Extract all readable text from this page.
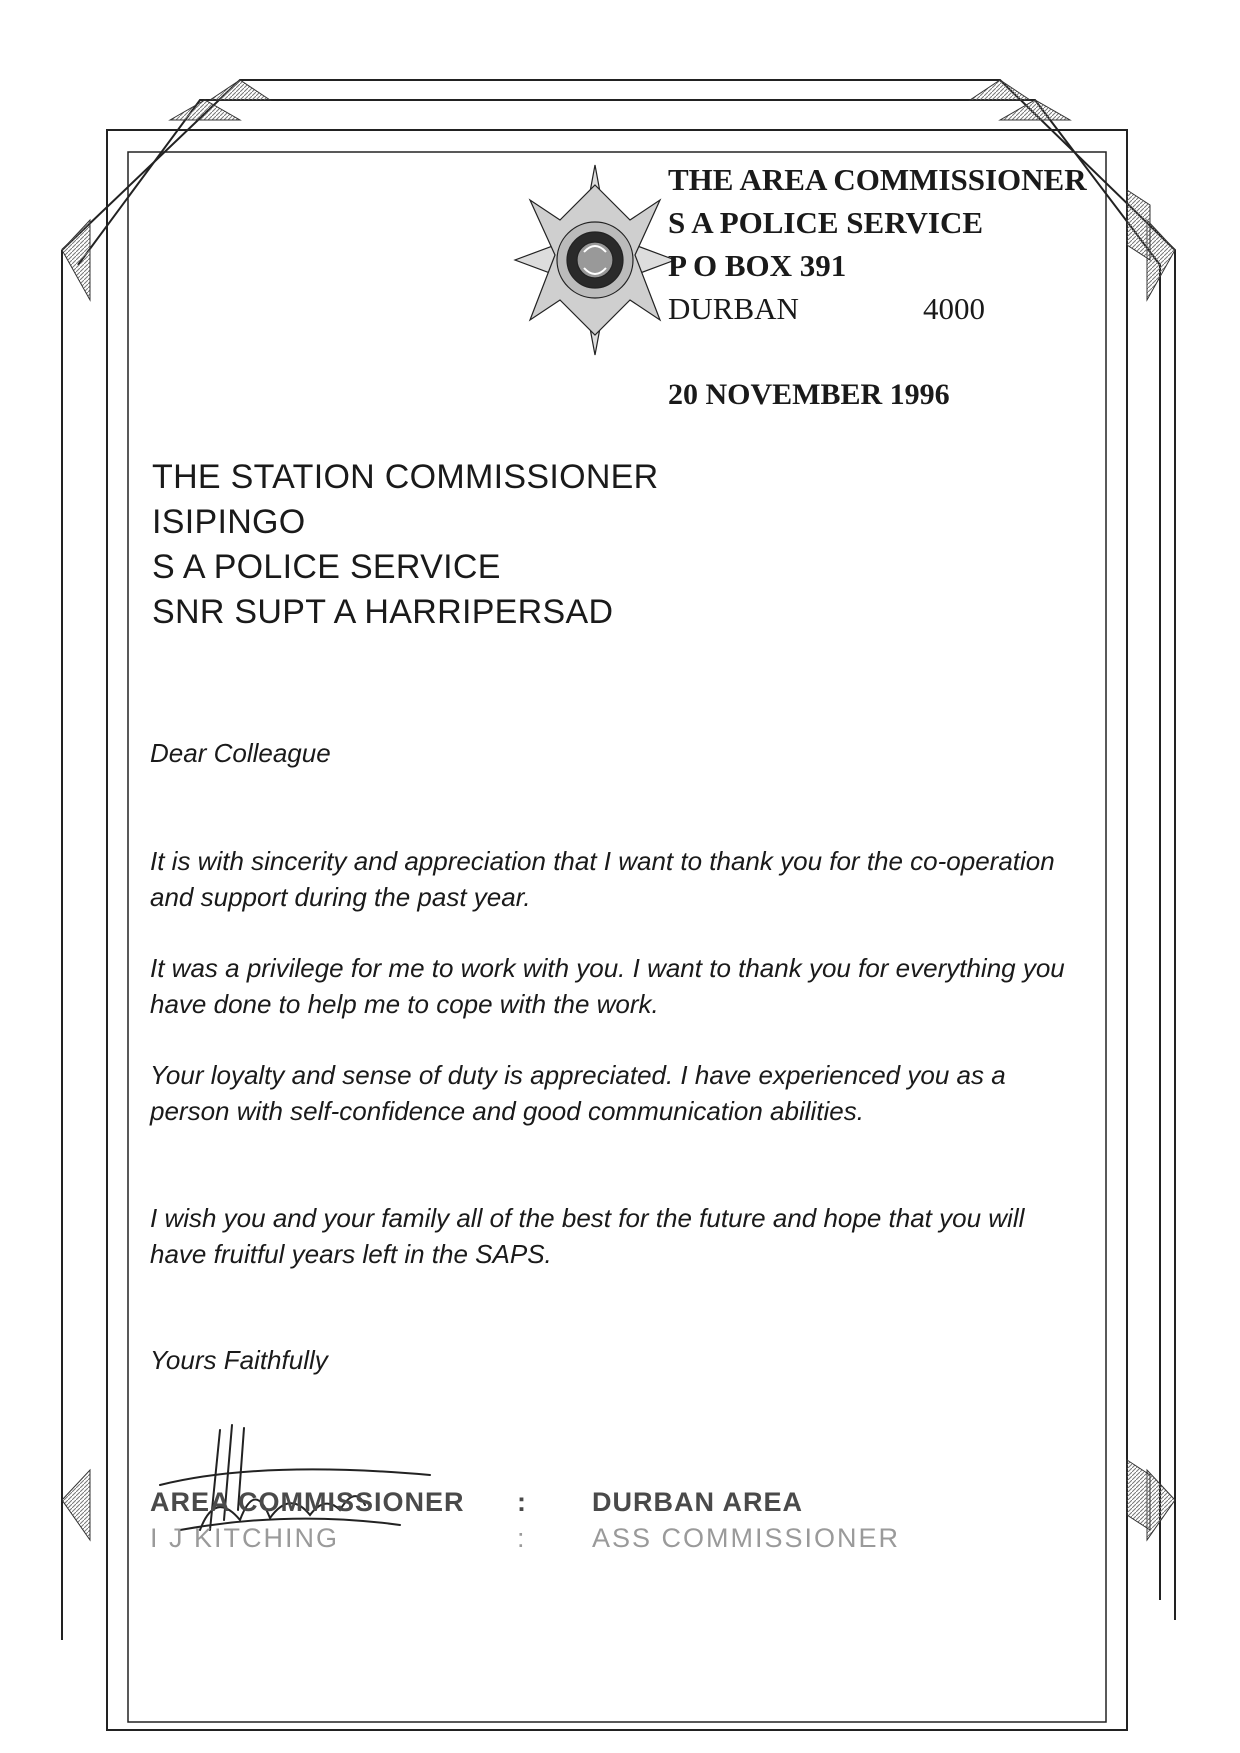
THE AREA COMMISSIONER
S A POLICE SERVICE
P O BOX 391
DURBAN	4000
20 NOVEMBER 1996
THE STATION COMMISSIONER
ISIPINGO
S A POLICE SERVICE
SNR SUPT A HARRIPERSAD
Dear Colleague
It is with sincerity and appreciation that I want to thank you for the co-operation and support during the past year.
It was a privilege for me to work with you. I want to thank you for everything you have done to help me to cope with the work.
Your loyalty and sense of duty is appreciated. I have experienced you as a person with self-confidence and good communication abilities.
I wish you and your family all of the best for the future and hope that you will have fruitful years left in the SAPS.
Yours Faithfully
AREA COMMISSIONER
I J KITCHING
:
:
DURBAN AREA
ASS COMMISSIONER
